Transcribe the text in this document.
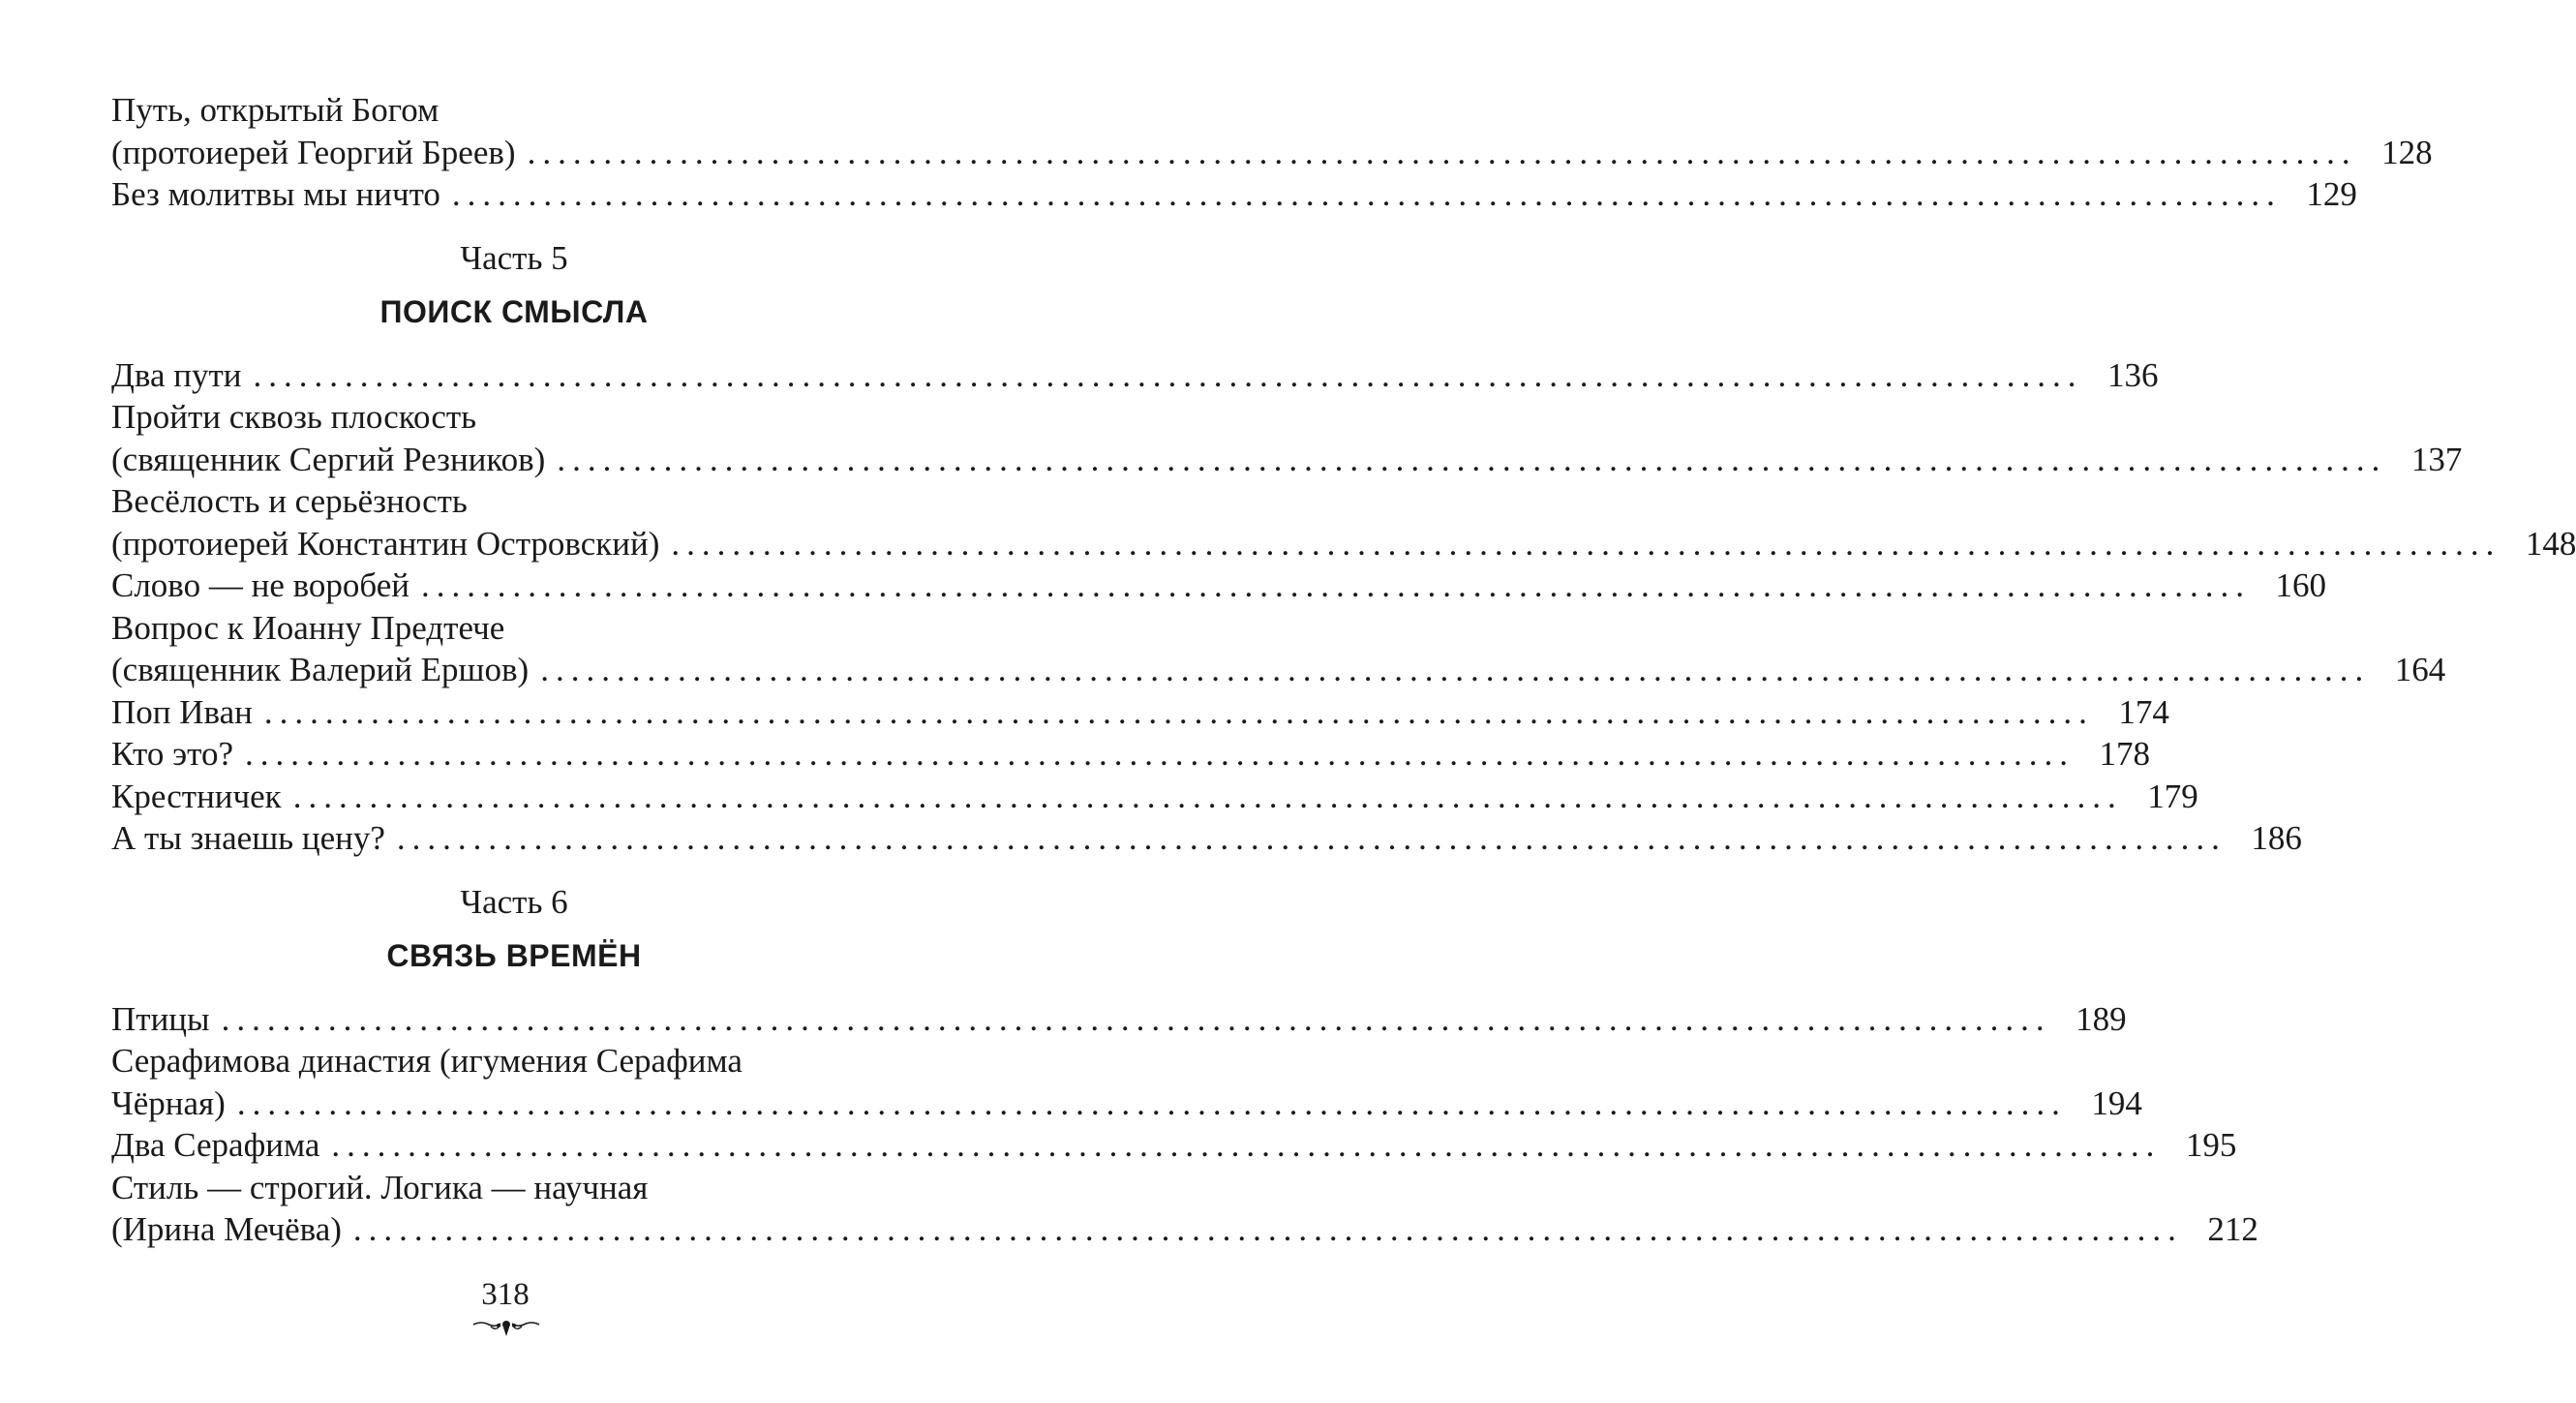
Путь, открытый Богом
(протоиерей Георгий Бреев) ........................................................................................................................ 128
Без молитвы мы ничто ........................................................................................................................ 129
Часть 5
ПОИСК СМЫСЛА
Два пути ........................................................................................................................ 136
Пройти сквозь плоскость
(священник Сергий Резников) ........................................................................................................................ 137
Весёлость и серьёзность
(протоиерей Константин Островский) ........................................................................................................................ 148
Слово — не воробей ........................................................................................................................ 160
Вопрос к Иоанну Предтече
(священник Валерий Ершов) ........................................................................................................................ 164
Поп Иван ........................................................................................................................ 174
Кто это? ........................................................................................................................ 178
Крестничек ........................................................................................................................ 179
А ты знаешь цену? ........................................................................................................................ 186
Часть 6
СВЯЗЬ ВРЕМЁН
Птицы ........................................................................................................................ 189
Серафимова династия (игумения Серафима
Чёрная) ........................................................................................................................ 194
Два Серафима ........................................................................................................................ 195
Стиль — строгий. Логика — научная
(Ирина Мечёва) ........................................................................................................................ 212
318
